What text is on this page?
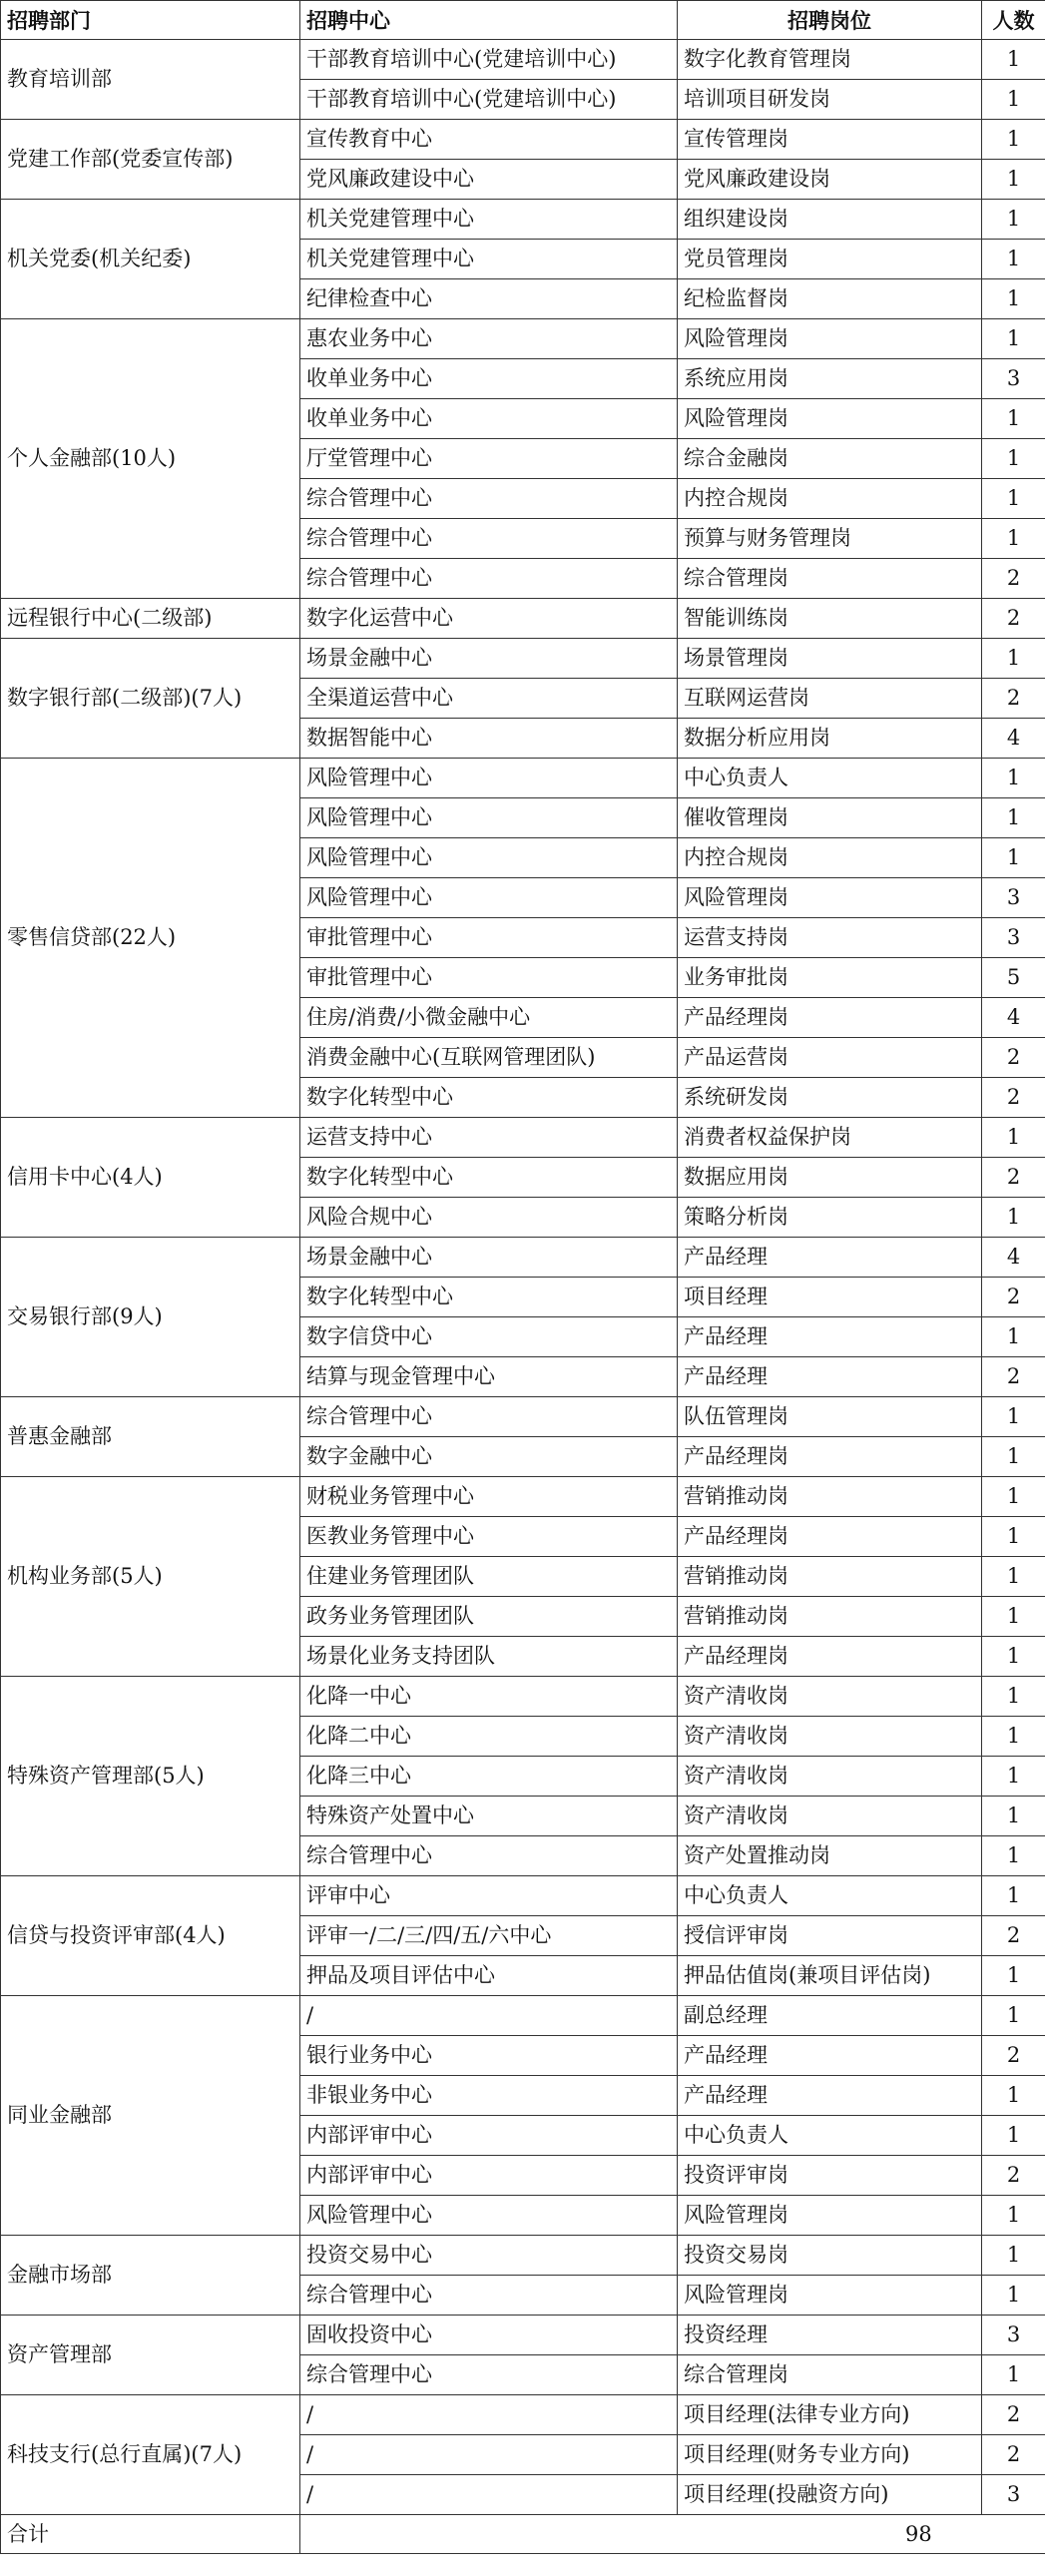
招聘部门	招聘中心	招聘岗位	人数
教育培训部	干部教育培训中心(党建培训中心)	数字化教育管理岗	1
	干部教育培训中心(党建培训中心)	培训项目研发岗	1
党建工作部(党委宣传部)	宣传教育中心	宣传管理岗	1
	党风廉政建设中心	党风廉政建设岗	1
机关党委(机关纪委)	机关党建管理中心	组织建设岗	1
	机关党建管理中心	党员管理岗	1
	纪律检查中心	纪检监督岗	1
个人金融部(10人)	惠农业务中心	风险管理岗	1
	收单业务中心	系统应用岗	3
	收单业务中心	风险管理岗	1
	厅堂管理中心	综合金融岗	1
	综合管理中心	内控合规岗	1
	综合管理中心	预算与财务管理岗	1
	综合管理中心	综合管理岗	2
远程银行中心(二级部)	数字化运营中心	智能训练岗	2
数字银行部(二级部)(7人)	场景金融中心	场景管理岗	1
	全渠道运营中心	互联网运营岗	2
	数据智能中心	数据分析应用岗	4
零售信贷部(22人)	风险管理中心	中心负责人	1
	风险管理中心	催收管理岗	1
	风险管理中心	内控合规岗	1
	风险管理中心	风险管理岗	3
	审批管理中心	运营支持岗	3
	审批管理中心	业务审批岗	5
	住房/消费/小微金融中心	产品经理岗	4
	消费金融中心(互联网管理团队)	产品运营岗	2
	数字化转型中心	系统研发岗	2
信用卡中心(4人)	运营支持中心	消费者权益保护岗	1
	数字化转型中心	数据应用岗	2
	风险合规中心	策略分析岗	1
交易银行部(9人)	场景金融中心	产品经理	4
	数字化转型中心	项目经理	2
	数字信贷中心	产品经理	1
	结算与现金管理中心	产品经理	2
普惠金融部	综合管理中心	队伍管理岗	1
	数字金融中心	产品经理岗	1
机构业务部(5人)	财税业务管理中心	营销推动岗	1
	医教业务管理中心	产品经理岗	1
	住建业务管理团队	营销推动岗	1
	政务业务管理团队	营销推动岗	1
	场景化业务支持团队	产品经理岗	1
特殊资产管理部(5人)	化降一中心	资产清收岗	1
	化降二中心	资产清收岗	1
	化降三中心	资产清收岗	1
	特殊资产处置中心	资产清收岗	1
	综合管理中心	资产处置推动岗	1
信贷与投资评审部(4人)	评审中心	中心负责人	1
	评审一/二/三/四/五/六中心	授信评审岗	2
	押品及项目评估中心	押品估值岗(兼项目评估岗)	1
同业金融部	/	副总经理	1
	银行业务中心	产品经理	2
	非银业务中心	产品经理	1
	内部评审中心	中心负责人	1
	内部评审中心	投资评审岗	2
	风险管理中心	风险管理岗	1
金融市场部	投资交易中心	投资交易岗	1
	综合管理中心	风险管理岗	1
资产管理部	固收投资中心	投资经理	3
	综合管理中心	综合管理岗	1
科技支行(总行直属)(7人)	/	项目经理(法律专业方向)	2
	/	项目经理(财务专业方向)	2
	/	项目经理(投融资方向)	3
合计	98		
